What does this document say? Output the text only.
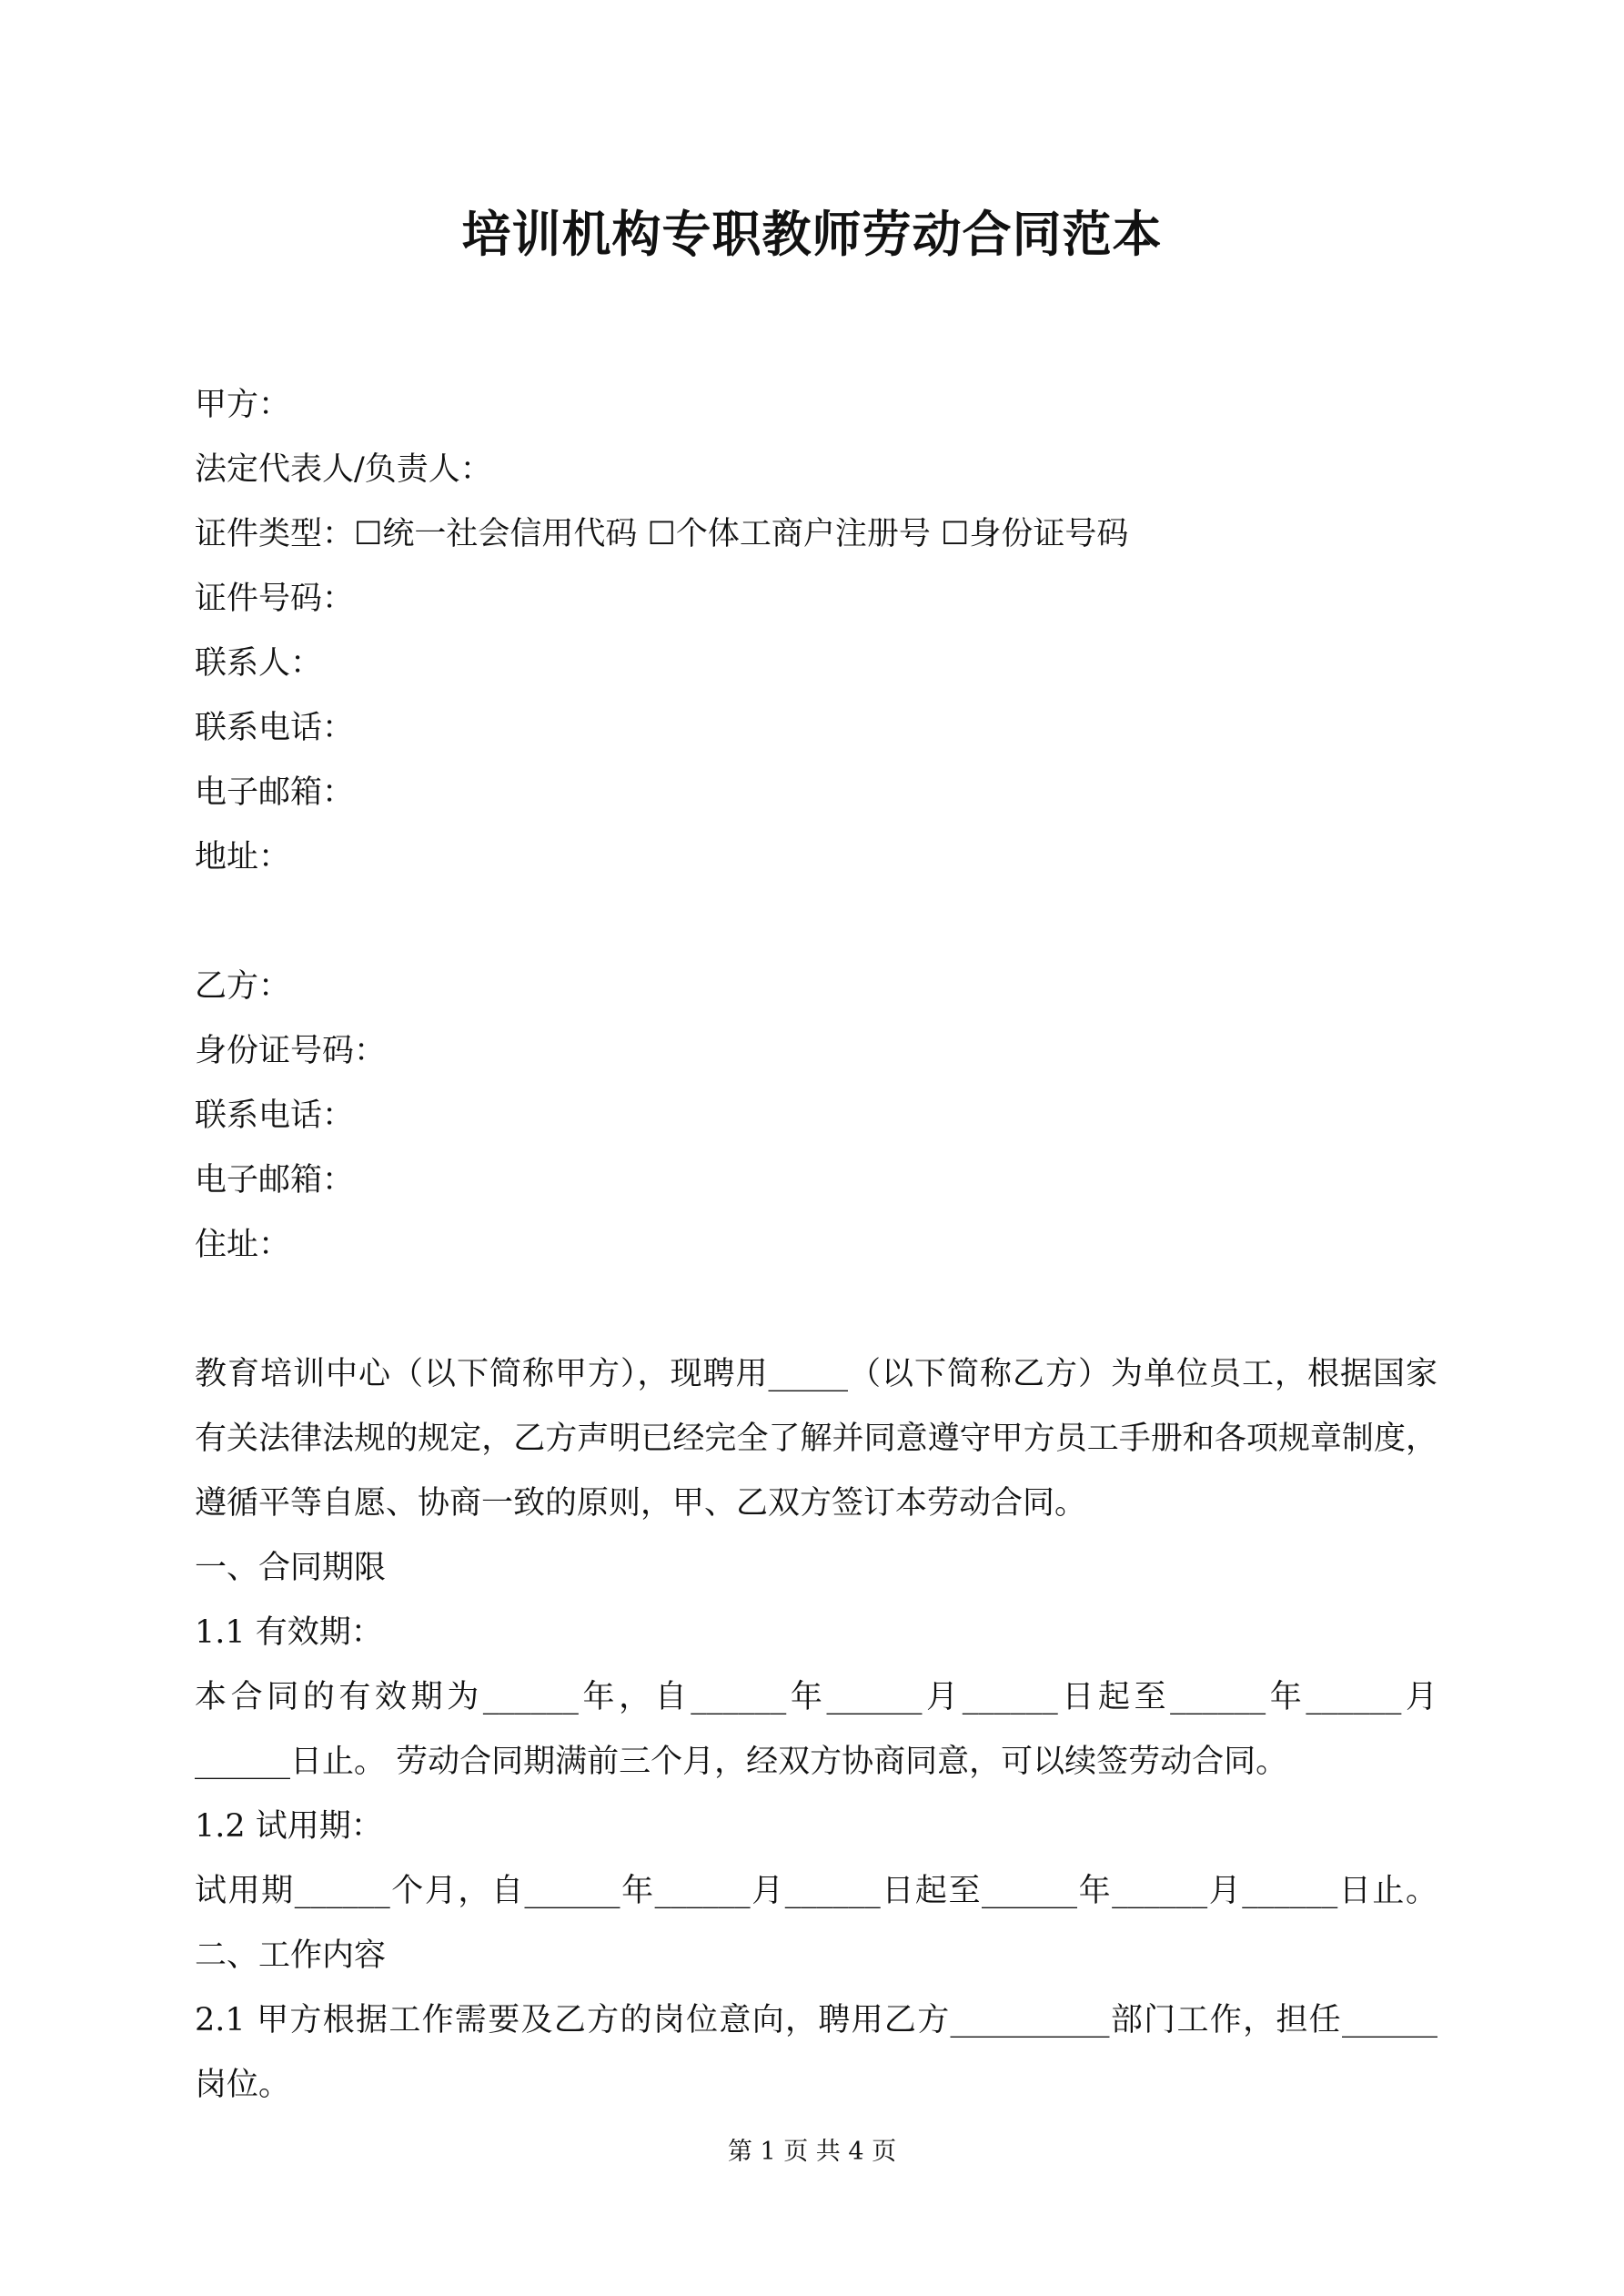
培训机构专职教师劳动合同范本
甲方：
法定代表人/负责人：
证件类型：☐统一社会信用代码 ☐个体工商户注册号 ☐身份证号码
证件号码：
联系人：
联系电话：
电子邮箱：
地址：
乙方：
身份证号码：
联系电话：
电子邮箱：
住址：
教育培训中心（以下简称甲方），现聘用_____（以下简称乙方）为单位员工，根据国家
有关法律法规的规定，乙方声明已经完全了解并同意遵守甲方员工手册和各项规章制度，
遵循平等自愿、协商一致的原则，甲、乙双方签订本劳动合同。
一、合同期限
1.1 有效期：
本合同的有效期为______年，自______年______月______日起至______年______月
______日止。 劳动合同期满前三个月，经双方协商同意，可以续签劳动合同。
1.2 试用期：
试用期______个月，自______年______月______日起至______年______月______日止。
二、工作内容
2.1 甲方根据工作需要及乙方的岗位意向，聘用乙方__________部门工作，担任______
岗位。
第 1 页 共 4 页
